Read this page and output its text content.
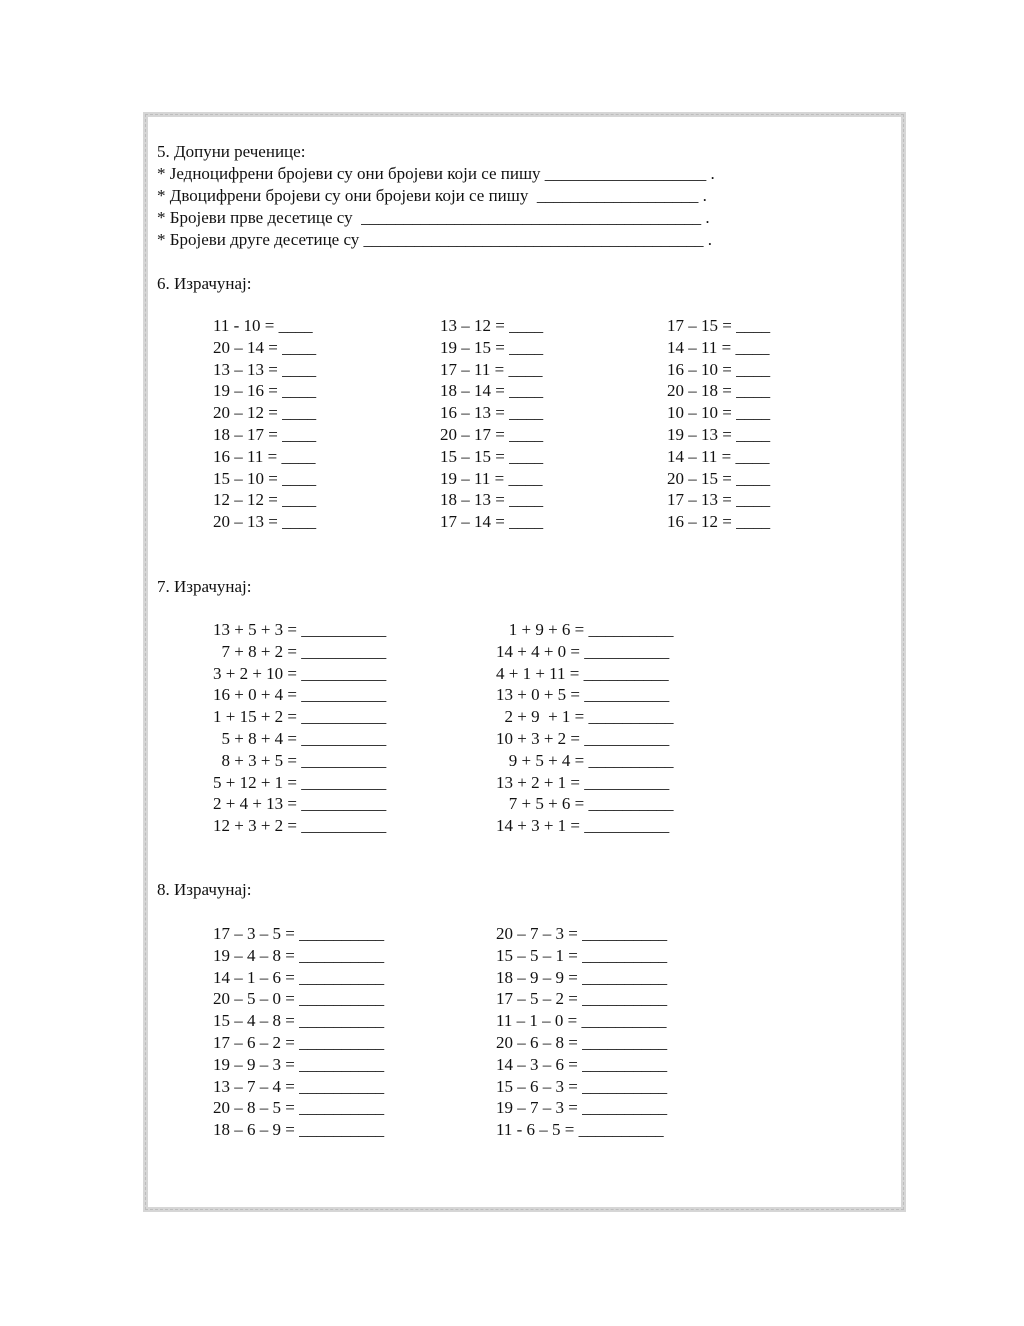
5. Допуни реченице:
* Једноцифрени бројеви су они бројеви који се пишу ___________________ .
* Двоцифрени бројеви су они бројеви који се пишу  ___________________ .
* Бројеви прве десетице су  ________________________________________ .
* Бројеви друге десетице су ________________________________________ .
6. Израчунај:
11 - 10 = ____
20 – 14 = ____
13 – 13 = ____
19 – 16 = ____
20 – 12 = ____
18 – 17 = ____
16 – 11 = ____
15 – 10 = ____
12 – 12 = ____
20 – 13 = ____
13 – 12 = ____
19 – 15 = ____
17 – 11 = ____
18 – 14 = ____
16 – 13 = ____
20 – 17 = ____
15 – 15 = ____
19 – 11 = ____
18 – 13 = ____
17 – 14 = ____
17 – 15 = ____
14 – 11 = ____
16 – 10 = ____
20 – 18 = ____
10 – 10 = ____
19 – 13 = ____
14 – 11 = ____
20 – 15 = ____
17 – 13 = ____
16 – 12 = ____
7. Израчунај:
13 + 5 + 3 = __________
7 + 8 + 2 = __________
3 + 2 + 10 = __________
16 + 0 + 4 = __________
1 + 15 + 2 = __________
5 + 8 + 4 = __________
8 + 3 + 5 = __________
5 + 12 + 1 = __________
2 + 4 + 13 = __________
12 + 3 + 2 = __________
1 + 9 + 6 = __________
14 + 4 + 0 = __________
4 + 1 + 11 = __________
13 + 0 + 5 = __________
2 + 9  + 1 = __________
10 + 3 + 2 = __________
9 + 5 + 4 = __________
13 + 2 + 1 = __________
7 + 5 + 6 = __________
14 + 3 + 1 = __________
8. Израчунај:
17 – 3 – 5 = __________
19 – 4 – 8 = __________
14 – 1 – 6 = __________
20 – 5 – 0 = __________
15 – 4 – 8 = __________
17 – 6 – 2 = __________
19 – 9 – 3 = __________
13 – 7 – 4 = __________
20 – 8 – 5 = __________
18 – 6 – 9 = __________
20 – 7 – 3 = __________
15 – 5 – 1 = __________
18 – 9 – 9 = __________
17 – 5 – 2 = __________
11 – 1 – 0 = __________
20 – 6 – 8 = __________
14 – 3 – 6 = __________
15 – 6 – 3 = __________
19 – 7 – 3 = __________
11 - 6 – 5 = __________
